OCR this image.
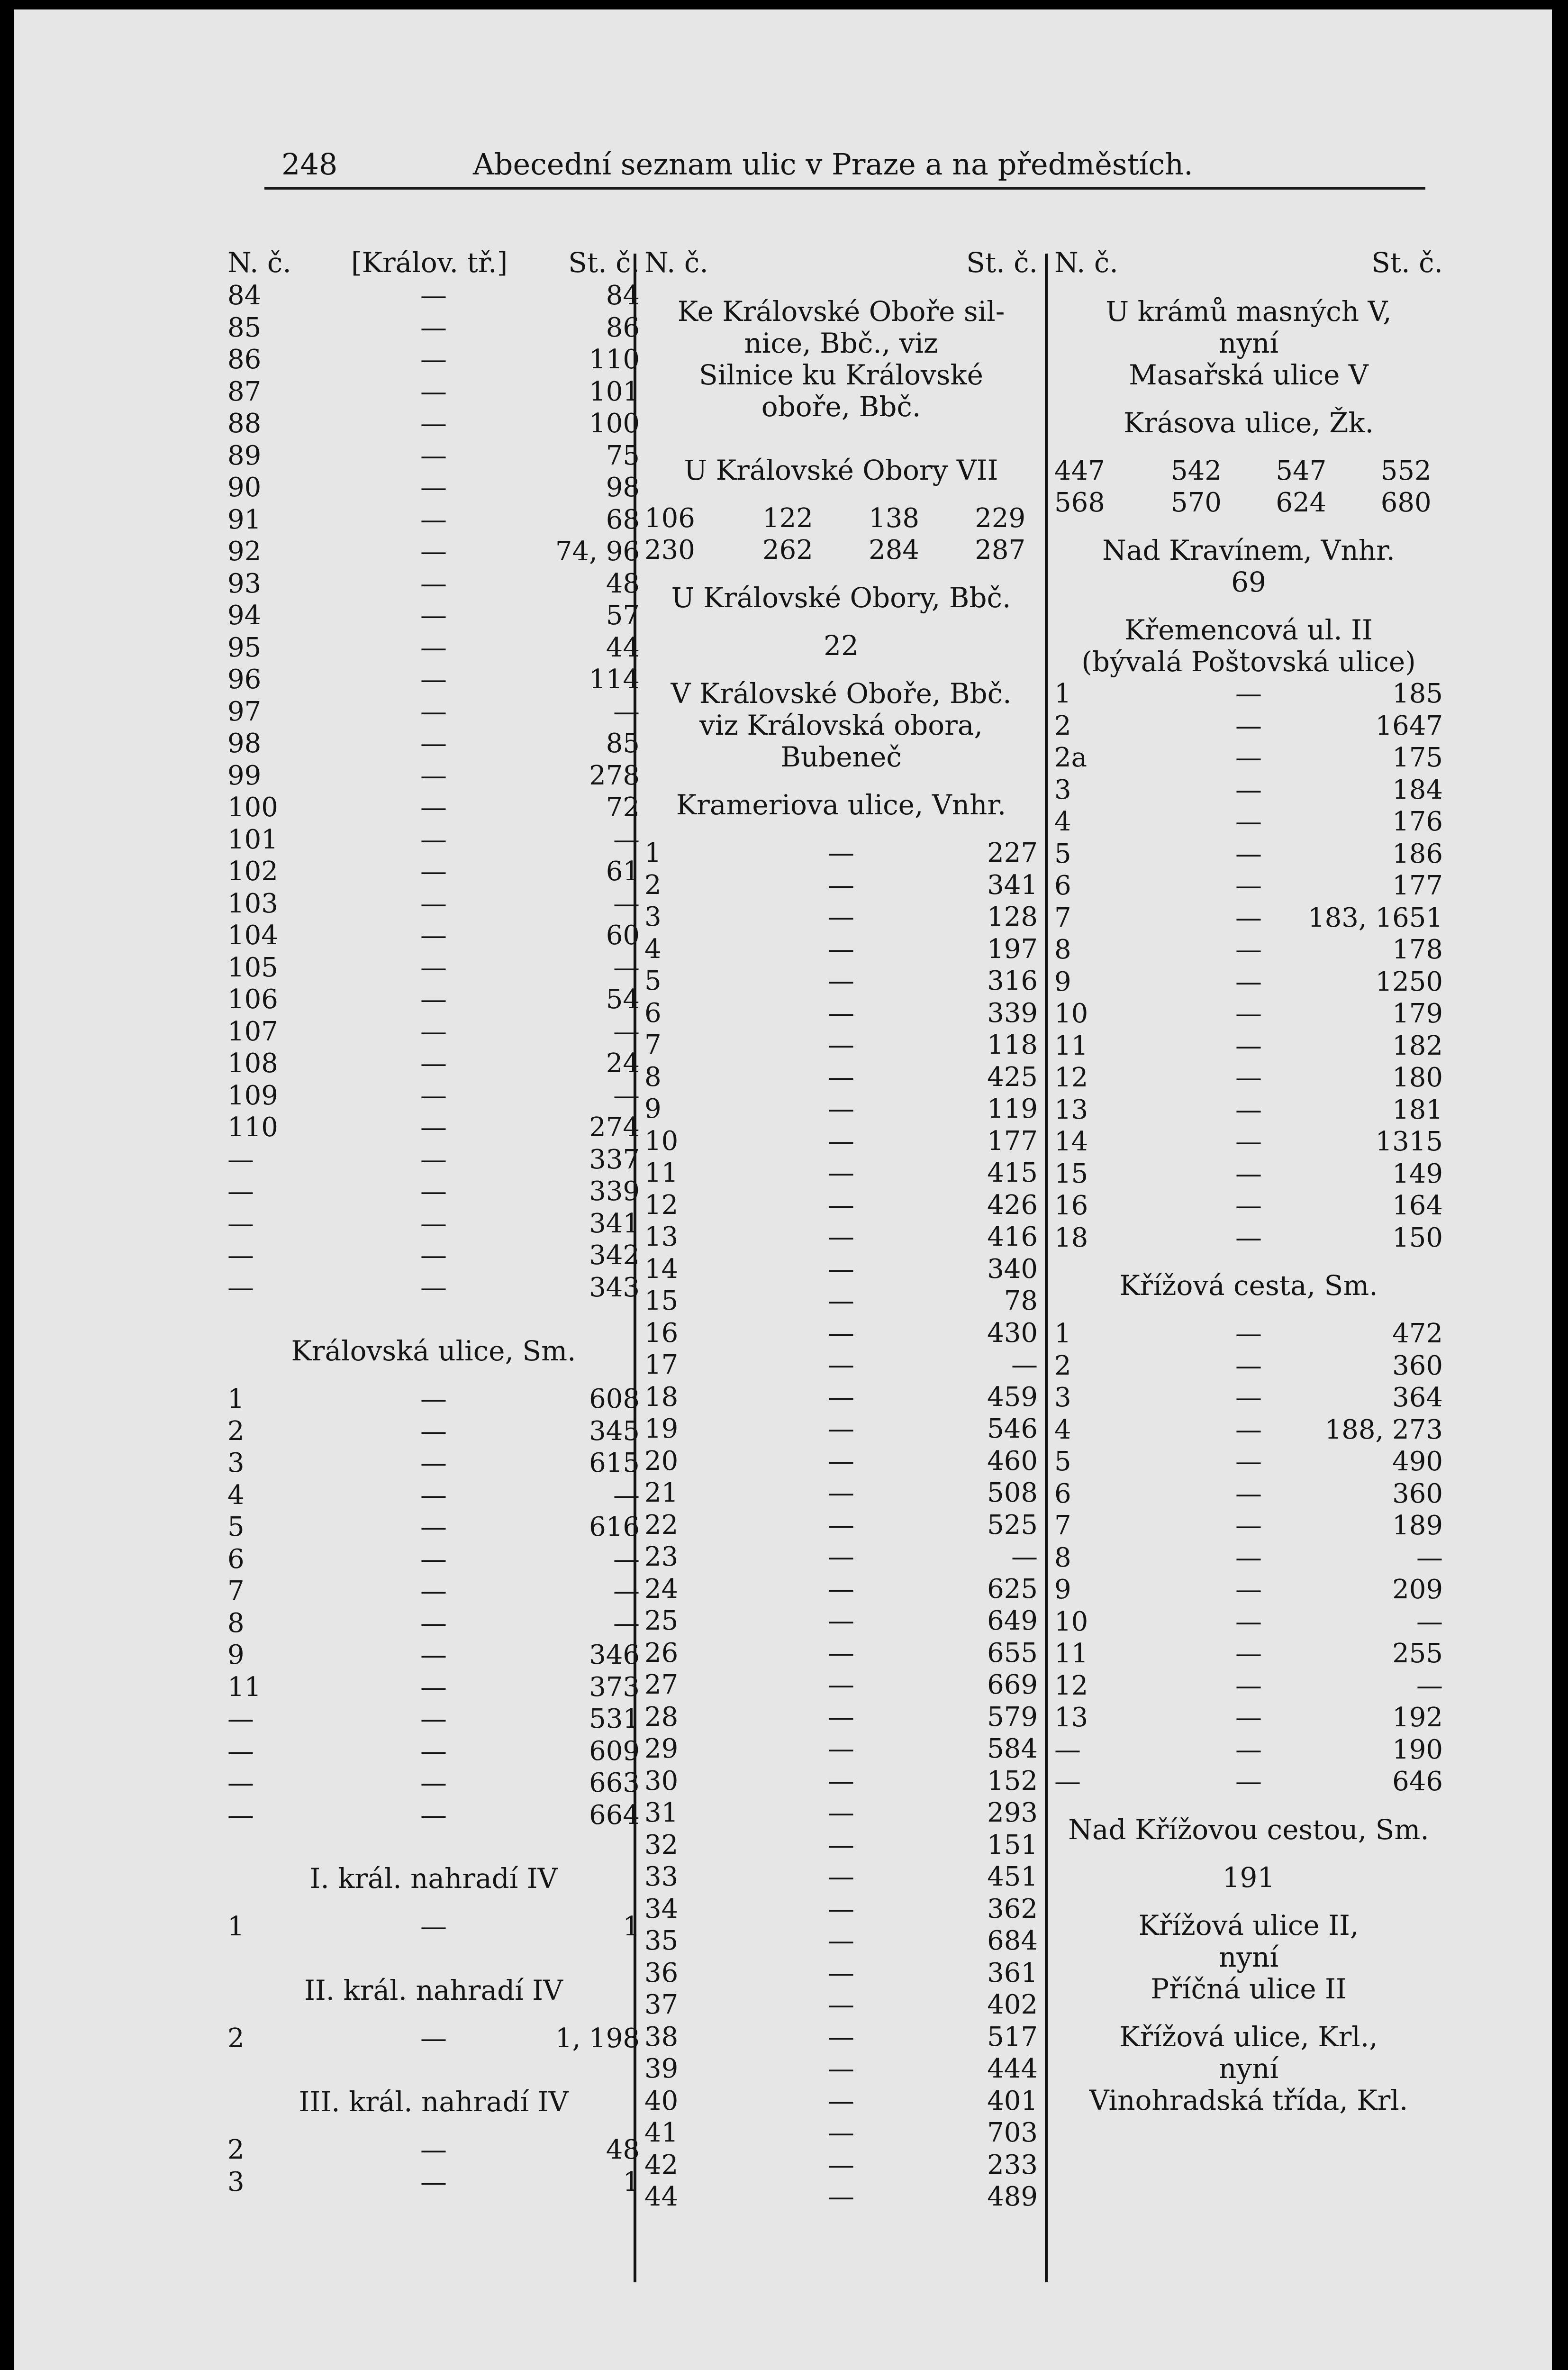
248	Abecední seznam ulic v Praze a na předměstích.
N. č. [Králov. tř.] St. č.
84	—	84
85	—	86
86	—	110
87	—	101
88	—	100
89	—	75
90	—	98
91	—	68
92	—	74, 96
93	—	48
94	—	57
95	—	44
96	—	114
97	—	—
98	—	85
99	—	278
100	—	72
101	—	—
102	—	61
103	—	—
104	—	60
105	—	—
106	—	54
107	—	—
108	—	24
109	—	—
110	—	274
—	—	337
—	—	339
—	—	341
—	—	342
—	—	343
Královská ulice, Sm.
1	—	608
2	—	345
3	—	615
4	—	—
5	—	616
6	—	—
7	—	—
8	—	—
9	—	346
11	—	373
—	—	531
—	—	609
—	—	663
—	—	664
I. král. nahradí IV
1	—	1
II. král. nahradí IV
2	—	1, 198
III. král. nahradí IV
2	—	48
3	—	1
N. č.	St. č.
Ke Královské Oboře sil-
nice, Bbč., viz
Silnice ku Královské
oboře, Bbč.
U Královské Obory VII
106	122 138 229
230	262 284 287
U Královské Obory, Bbč.
22
V Královské Oboře, Bbč.
viz Královská obora,
Bubeneč
Krameriova ulice, Vnhr.
1	—	227
2	—	341
3	—	128
4	—	197
5	—	316
6	—	339
7	—	118
8	—	425
9	—	119
10	—	177
11	—	415
12	—	426
13	—	416
14	—	340
15	—	78
16	—	430
17	—	—
18	—	459
19	—	546
20	—	460
21	—	508
22	—	525
23	—	—
24	—	625
25	—	649
26	—	655
27	—	669
28	—	579
29	—	584
30	—	152
31	—	293
32	—	151
33	—	451
34	—	362
35	—	684
36	—	361
37	—	402
38	—	517
39	—	444
40	—	401
41	—	703
42	—	233
44	—	489
N. č.	St. č.
U krámů masných V,
nyní
Masařská ulice V
Krásova ulice, Žk.
447 542 547 552
568 570 624 680
Nad Kravínem, Vnhr.
69
Křemencová ul. II
(bývalá Poštovská ulice)
1	—	185
2	—	1647
2a	—	175
3	—	184
4	—	176
5	—	186
6	—	177
7	— 183, 1651
8	—	178
9	—	1250
10	—	179
11	—	182
12	—	180
13	—	181
14	—	1315
15	—	149
16	—	164
18	—	150
Křížová cesta, Sm.
1	—	472
2	—	360
3	—	364
4	— 188, 273
5	—	490
6	—	360
7	—	189
8	—	—
9	—	209
10	—	—
11	—	255
12	—	—
13	—	192
—	—	190
—	—	646
Nad Křížovou cestou, Sm.
191
Křížová ulice II,
nyní
Příčná ulice II
Křížová ulice, Krl.,
nyní
Vinohradská třída, Krl.
